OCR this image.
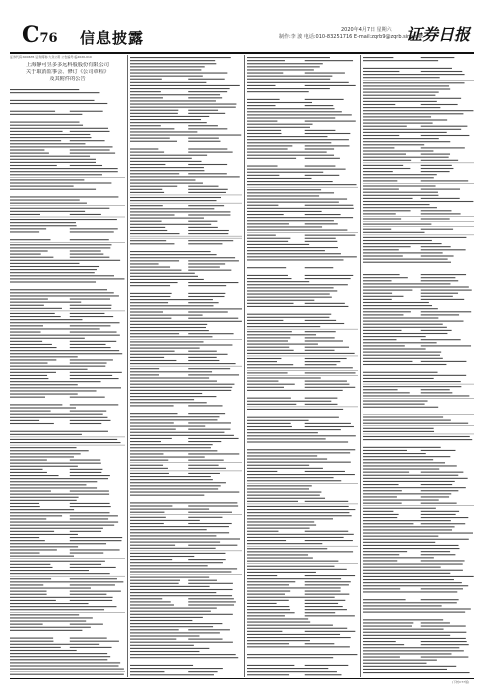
C76 信息披露	2020年4月7日 星期六
制作:李 波 电话:010-83251716 E-mail:zqrb9@zqrb.sina.net
证券日报
证券代码:600635 证券简称:大众公用 公告编号:临2020-010
上海静可昱多多远科股股份有限公司
关于取消监事会、修订《公司章程》
及其附件的公告
(下转C77版)
